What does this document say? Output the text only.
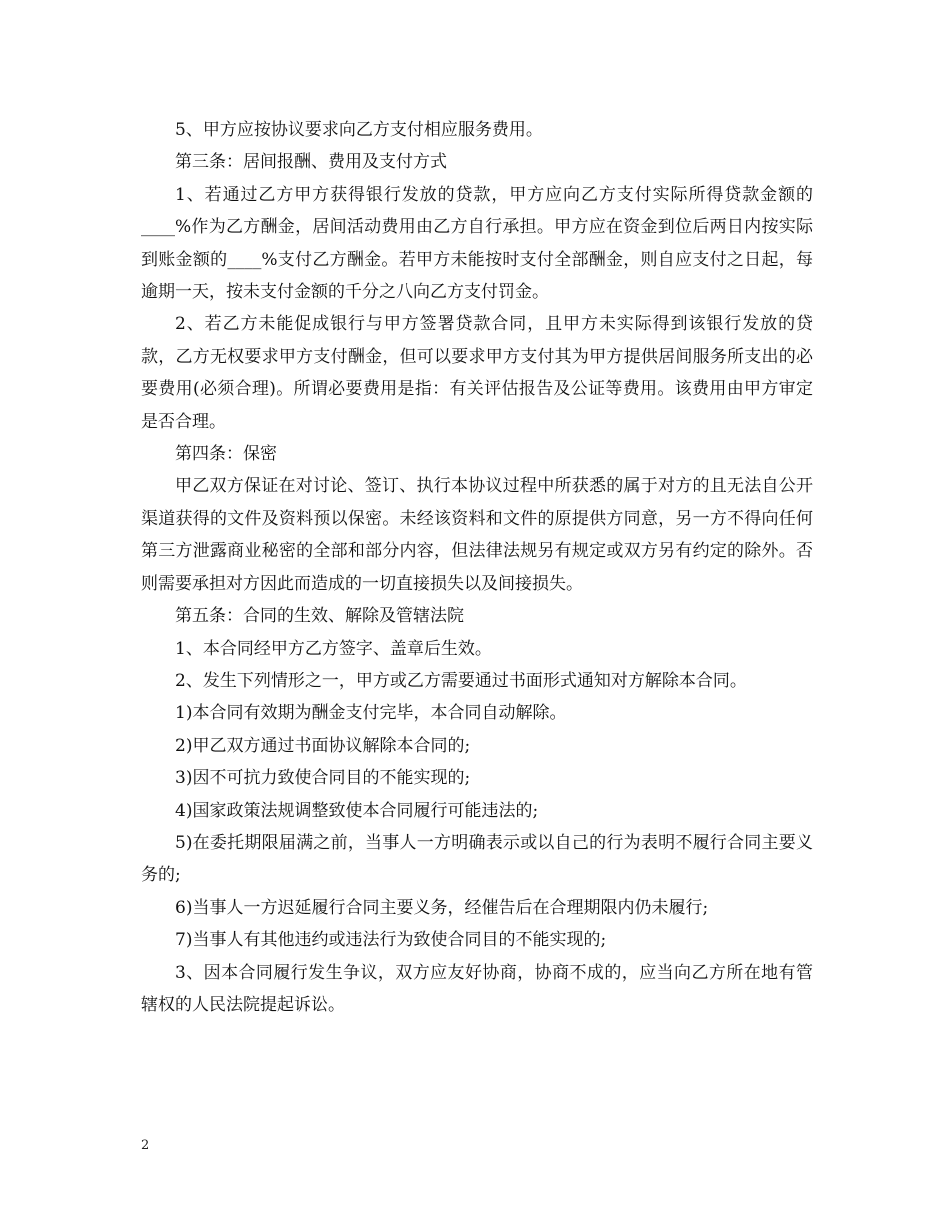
5、甲方应按协议要求向乙方支付相应服务费用。

第三条：居间报酬、费用及支付方式

1、若通过乙方甲方获得银行发放的贷款，甲方应向乙方支付实际所得贷款金额的____%作为乙方酬金，居间活动费用由乙方自行承担。甲方应在资金到位后两日内按实际到账金额的____%支付乙方酬金。若甲方未能按时支付全部酬金，则自应支付之日起，每逾期一天，按未支付金额的千分之八向乙方支付罚金。

2、若乙方未能促成银行与甲方签署贷款合同，且甲方未实际得到该银行发放的贷款，乙方无权要求甲方支付酬金，但可以要求甲方支付其为甲方提供居间服务所支出的必要费用(必须合理)。所谓必要费用是指：有关评估报告及公证等费用。该费用由甲方审定是否合理。

第四条：保密

甲乙双方保证在对讨论、签订、执行本协议过程中所获悉的属于对方的且无法自公开渠道获得的文件及资料预以保密。未经该资料和文件的原提供方同意，另一方不得向任何第三方泄露商业秘密的全部和部分内容，但法律法规另有规定或双方另有约定的除外。否则需要承担对方因此而造成的一切直接损失以及间接损失。

第五条：合同的生效、解除及管辖法院

1、本合同经甲方乙方签字、盖章后生效。

2、发生下列情形之一，甲方或乙方需要通过书面形式通知对方解除本合同。

1)本合同有效期为酬金支付完毕，本合同自动解除。

2)甲乙双方通过书面协议解除本合同的;

3)因不可抗力致使合同目的不能实现的;

4)国家政策法规调整致使本合同履行可能违法的;

5)在委托期限届满之前，当事人一方明确表示或以自己的行为表明不履行合同主要义务的;

6)当事人一方迟延履行合同主要义务，经催告后在合理期限内仍未履行;

7)当事人有其他违约或违法行为致使合同目的不能实现的;

3、因本合同履行发生争议，双方应友好协商，协商不成的，应当向乙方所在地有管辖权的人民法院提起诉讼。

2
